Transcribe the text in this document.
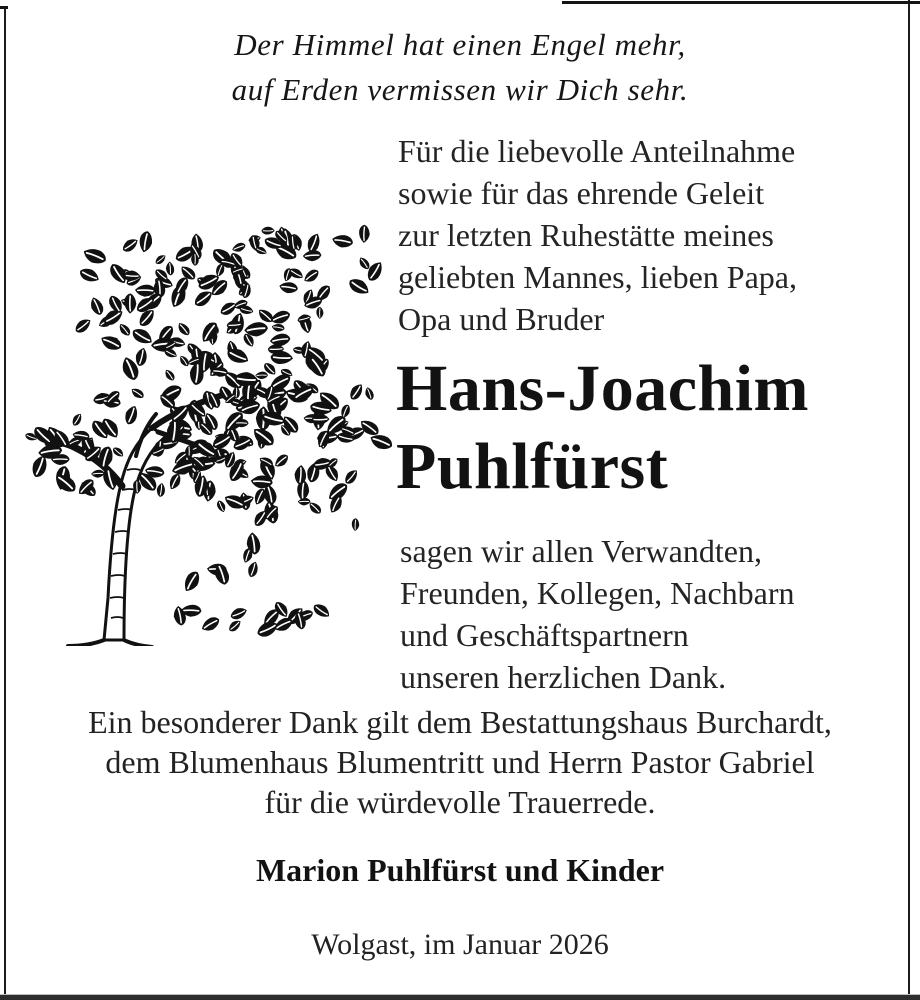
Der Himmel hat einen Engel mehr,
auf Erden vermissen wir Dich sehr.
Für die liebevolle Anteilnahme
sowie für das ehrende Geleit
zur letzten Ruhestätte meines
geliebten Mannes, lieben Papa,
Opa und Bruder
Hans-Joachim
Puhlfürst
sagen wir allen Verwandten,
Freunden, Kollegen, Nachbarn
und Geschäftspartnern
unseren herzlichen Dank.
Ein besonderer Dank gilt dem Bestattungshaus Burchardt,
dem Blumenhaus Blumentritt und Herrn Pastor Gabriel
für die würdevolle Trauerrede.
Marion Puhlfürst und Kinder
Wolgast, im Januar 2026
